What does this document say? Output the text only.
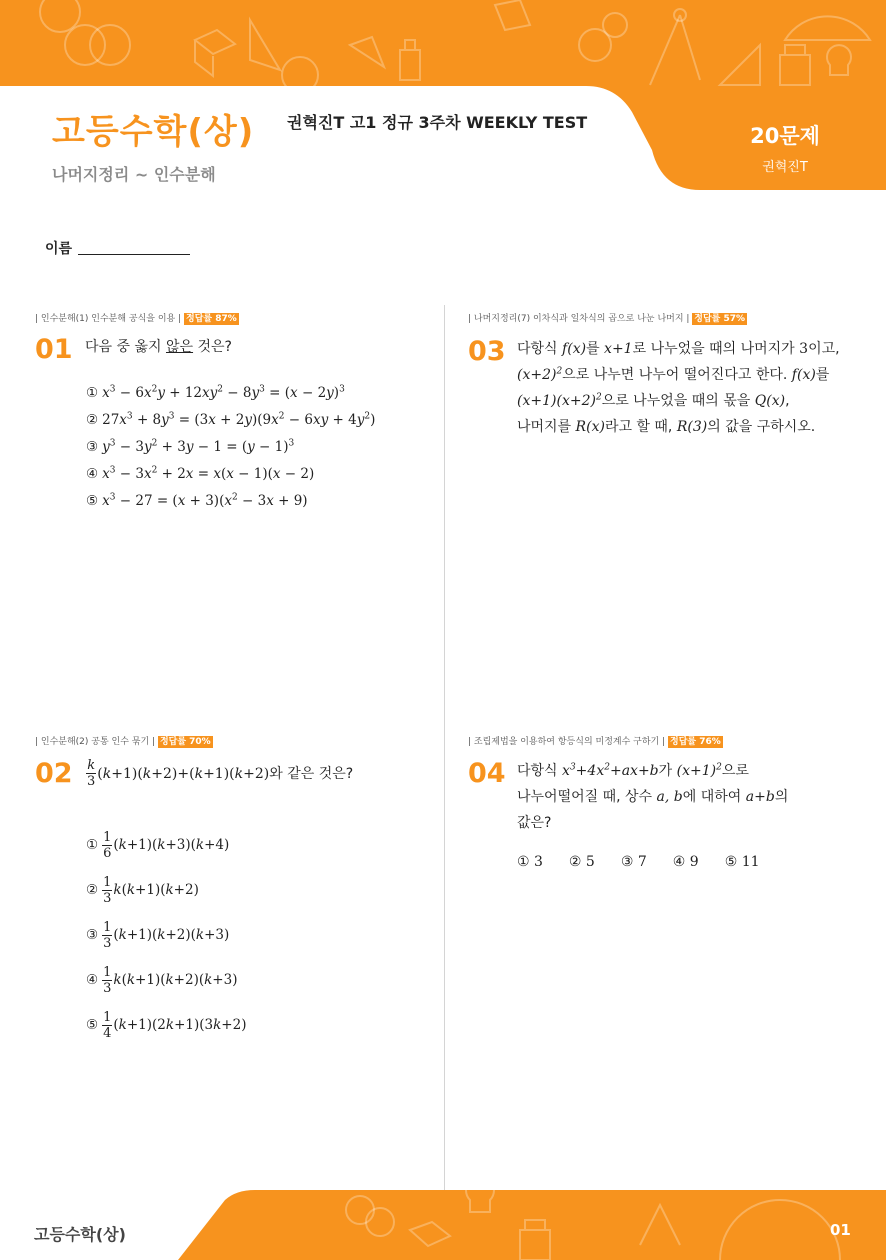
고등수학(상)
나머지정리 ~ 인수분해
권혁진T 고1 정규 3주차 WEEKLY TEST
20문제
권혁진T
이름
| 인수분해(1) 인수분해 공식을 이용 | 정답률 87%
01 다음 중 옳지 않은 것은?
① $x^3 - 6x^2y + 12xy^2 - 8y^3 = (x - 2y)^3$
② $27x^3 + 8y^3 = (3x + 2y)(9x^2 - 6xy + 4y^2)$
③ $y^3 - 3y^2 + 3y - 1 = (y - 1)^3$
④ $x^3 - 3x^2 + 2x = x(x - 1)(x - 2)$
⑤ $x^3 - 27 = (x + 3)(x^2 - 3x + 9)$
| 나머지정리(7) 이차식과 일차식의 곱으로 나눈 나머지 | 정답률 57%
03 다항식 f(x)를 x+1로 나누었을 때의 나머지가 3이고,
$(x+2)^2$으로 나누면 나누어 떨어진다고 한다. f(x)를
$(x+1)(x+2)^2$으로 나누었을 때의 몫을 Q(x),
나머지를 R(x)라고 할 때, R(3)의 값을 구하시오.
| 인수분해(2) 공통 인수 묶기 | 정답률 70%
$02 \frac{k}{3} (k+1)(k+2)+(k+1)(k+2)$ 와 같은 것은?
① $\frac{1}{6}$ ( k +1)( k +3)( k +4)
② $\frac{1}{3}$ k ( k +1)( k +2)
③ $\frac{1}{3}$ ( k +1)( k +2)( k +3)
④ $\frac{1}{3}$ k ( k +1)( k +2)( k +3)
⑤ $\frac{1}{4}$ ( k +1)(2 k +1)(3 k +2)
| 조립제법을 이용하여 항등식의 미정계수 구하기 | 정답률 76%
04 다항식 $x^3+4x^2+ax+b$가 $(x+1)^2$으로
나누어떨어질 때, 상수 a, b에 대하여 a+b의
값은?
① 3 ② 5 ③ 7 ④ 9 ⑤ 11
고등수학(상)	01
